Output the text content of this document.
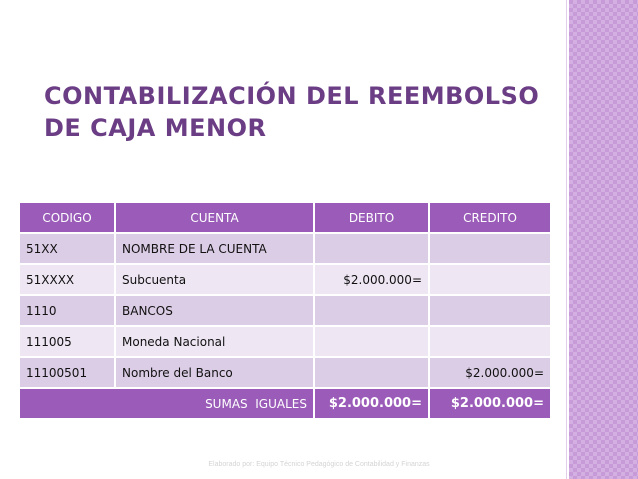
CONTABILIZACIÓN DEL REEMBOLSO
DE CAJA MENOR
CODIGO	CUENTA	DEBITO	CREDITO
51XX	NOMBRE DE LA CUENTA		
51XXXX	Subcuenta	$2.000.000=	
1110	BANCOS		
111005	Moneda Nacional		
11100501	Nombre del Banco		$2.000.000=
SUMAS  IGUALES		$2.000.000=	$2.000.000=
Elaborado por: Equipo Técnico Pedagógico de Contabilidad y Finanzas
